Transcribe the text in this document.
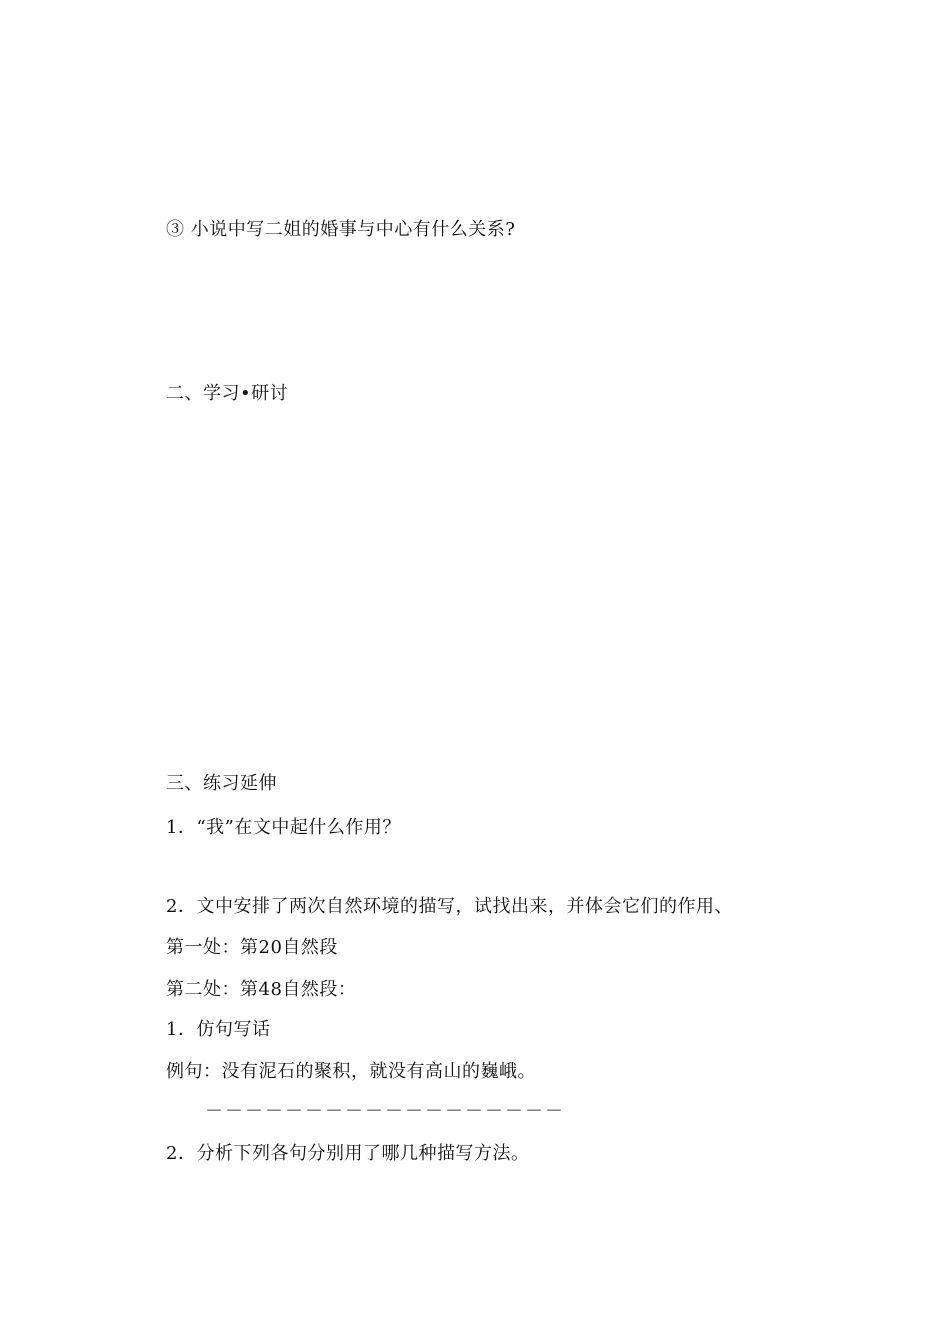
③ 小说中写二姐的婚事与中心有什么关系?
二、学习•研讨
三、练习延伸
1．“我”在文中起什么作用？
2．文中安排了两次自然环境的描写，试找出来，并体会它们的作用、
第一处：第20自然段
第二处：第48自然段：
1．仿句写话
例句：没有泥石的聚积，就没有高山的巍峨。
－－－－－－－－－－－－－－－－－－
2．分析下列各句分别用了哪几种描写方法。
